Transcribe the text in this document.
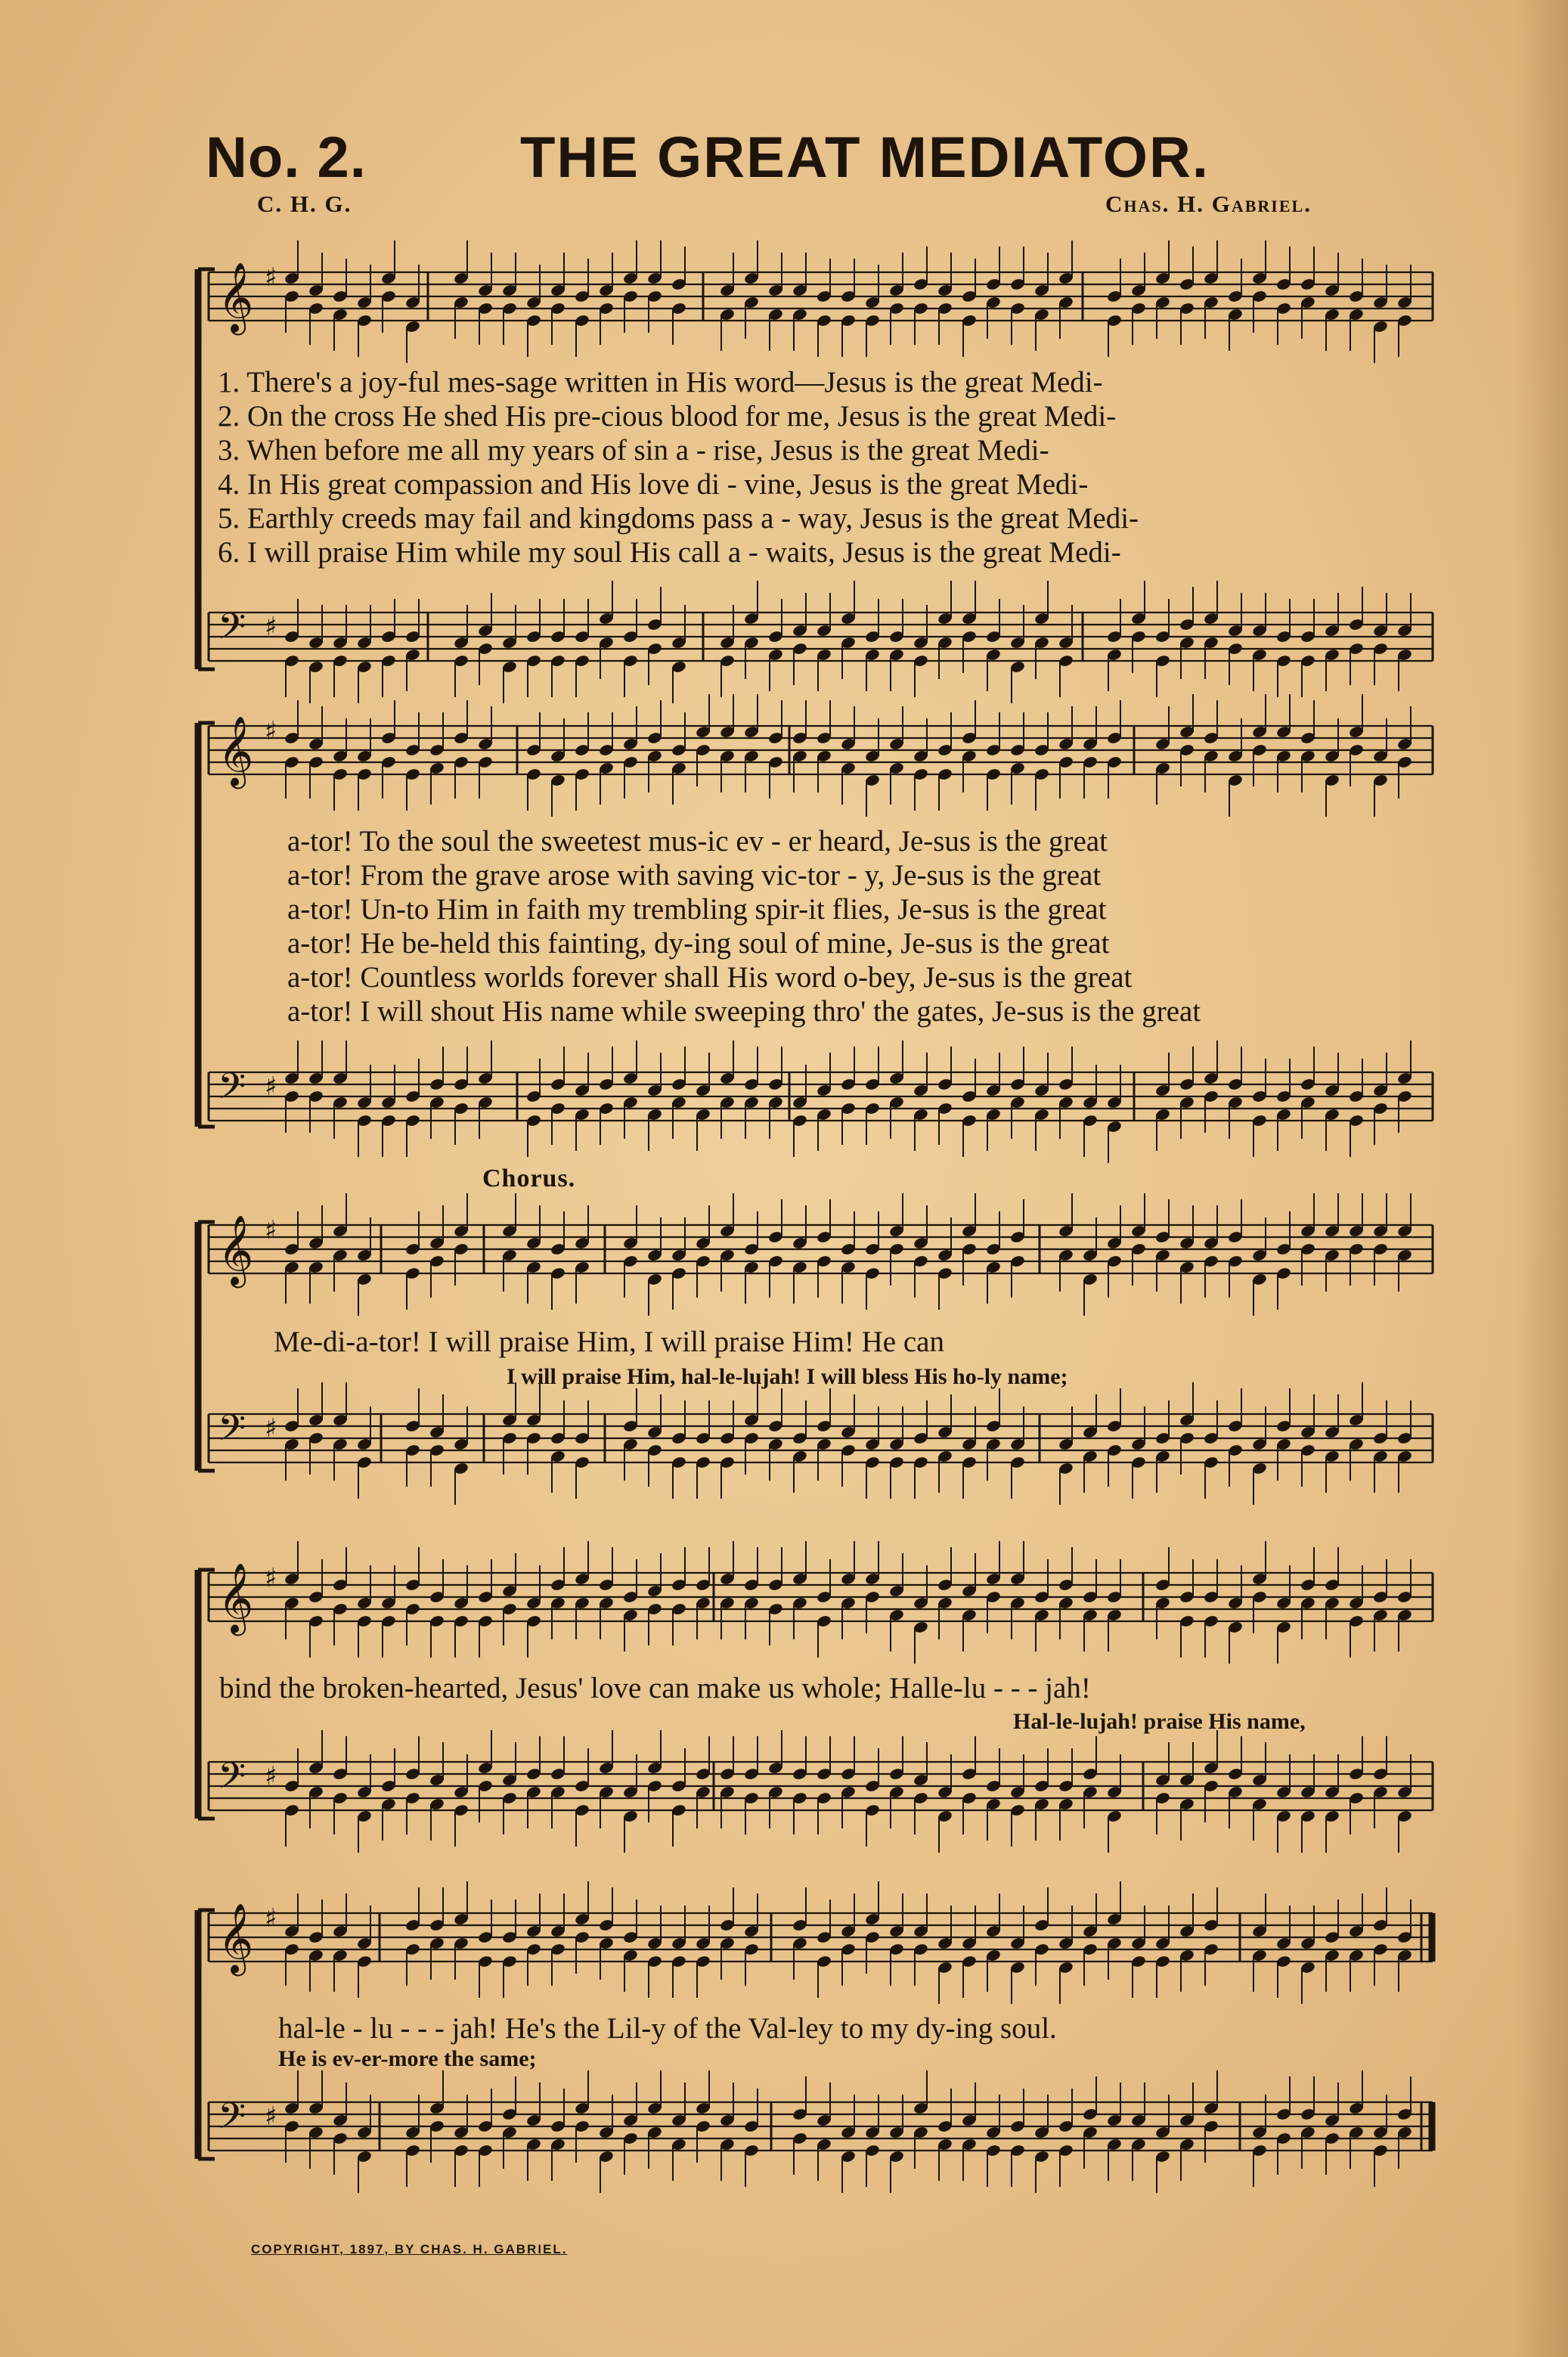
𝄞 ♯
𝄢 ♯
𝄞 ♯
𝄢 ♯
𝄞 ♯
𝄢 ♯
𝄞 ♯
𝄢 ♯
𝄞 ♯
𝄢 ♯
No. 2.	THE GREAT MEDIATOR.
C. H. G.	Chas. H. Gabriel.
1. There's a joy-ful mes-sage written in His word—Jesus is the great Medi-
2. On the cross He shed His pre-cious blood for me, Jesus is the great Medi-
3. When before me all my years of sin a - rise, Jesus is the great Medi-
4. In His great compassion and His love di - vine, Jesus is the great Medi-
5. Earthly creeds may fail and kingdoms pass a - way, Jesus is the great Medi-
6. I will praise Him while my soul His call a - waits, Jesus is the great Medi-
a-tor! To the soul the sweetest mus-ic ev - er heard, Je-sus is the great
a-tor! From the grave arose with saving vic-tor - y, Je-sus is the great
a-tor! Un-to Him in faith my trembling spir-it flies, Je-sus is the great
a-tor! He be-held this fainting, dy-ing soul of mine, Je-sus is the great
a-tor! Countless worlds forever shall His word o-bey, Je-sus is the great
a-tor! I will shout His name while sweeping thro' the gates, Je-sus is the great
Chorus.
Me-di-a-tor! I will praise Him, I will praise Him! He can
I will praise Him, hal-le-lujah! I will bless His ho-ly name;
bind the broken-hearted, Jesus' love can make us whole; Halle-lu - - - jah!
Hal-le-lujah! praise His name,
hal-le - lu - - - jah! He's the Lil-y of the Val-ley to my dy-ing soul.
He is ev-er-more the same;
COPYRIGHT, 1897, BY CHAS. H. GABRIEL.
